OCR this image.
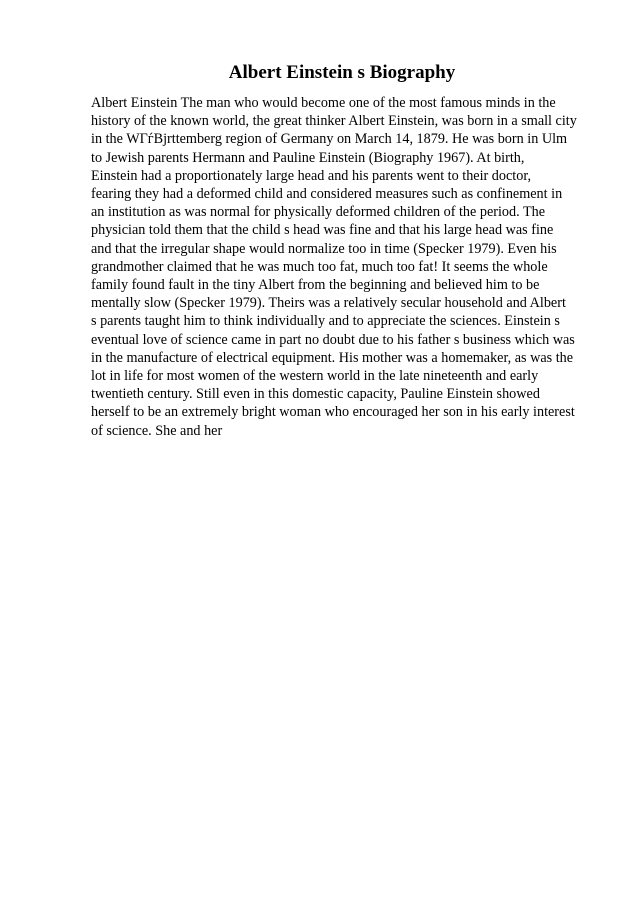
Albert Einstein s Biography
Albert Einstein The man who would become one of the most famous minds in the
history of the known world, the great thinker Albert Einstein, was born in a small city
in the WГѓBjrttemberg region of Germany on March 14, 1879. He was born in Ulm
to Jewish parents Hermann and Pauline Einstein (Biography 1967). At birth,
Einstein had a proportionately large head and his parents went to their doctor,
fearing they had a deformed child and considered measures such as confinement in
an institution as was normal for physically deformed children of the period. The
physician told them that the child s head was fine and that his large head was fine
and that the irregular shape would normalize too in time (Specker 1979). Even his
grandmother claimed that he was much too fat, much too fat! It seems the whole
family found fault in the tiny Albert from the beginning and believed him to be
mentally slow (Specker 1979). Theirs was a relatively secular household and Albert
s parents taught him to think individually and to appreciate the sciences. Einstein s
eventual love of science came in part no doubt due to his father s business which was
in the manufacture of electrical equipment. His mother was a homemaker, as was the
lot in life for most women of the western world in the late nineteenth and early
twentieth century. Still even in this domestic capacity, Pauline Einstein showed
herself to be an extremely bright woman who encouraged her son in his early interest
of science. She and her
